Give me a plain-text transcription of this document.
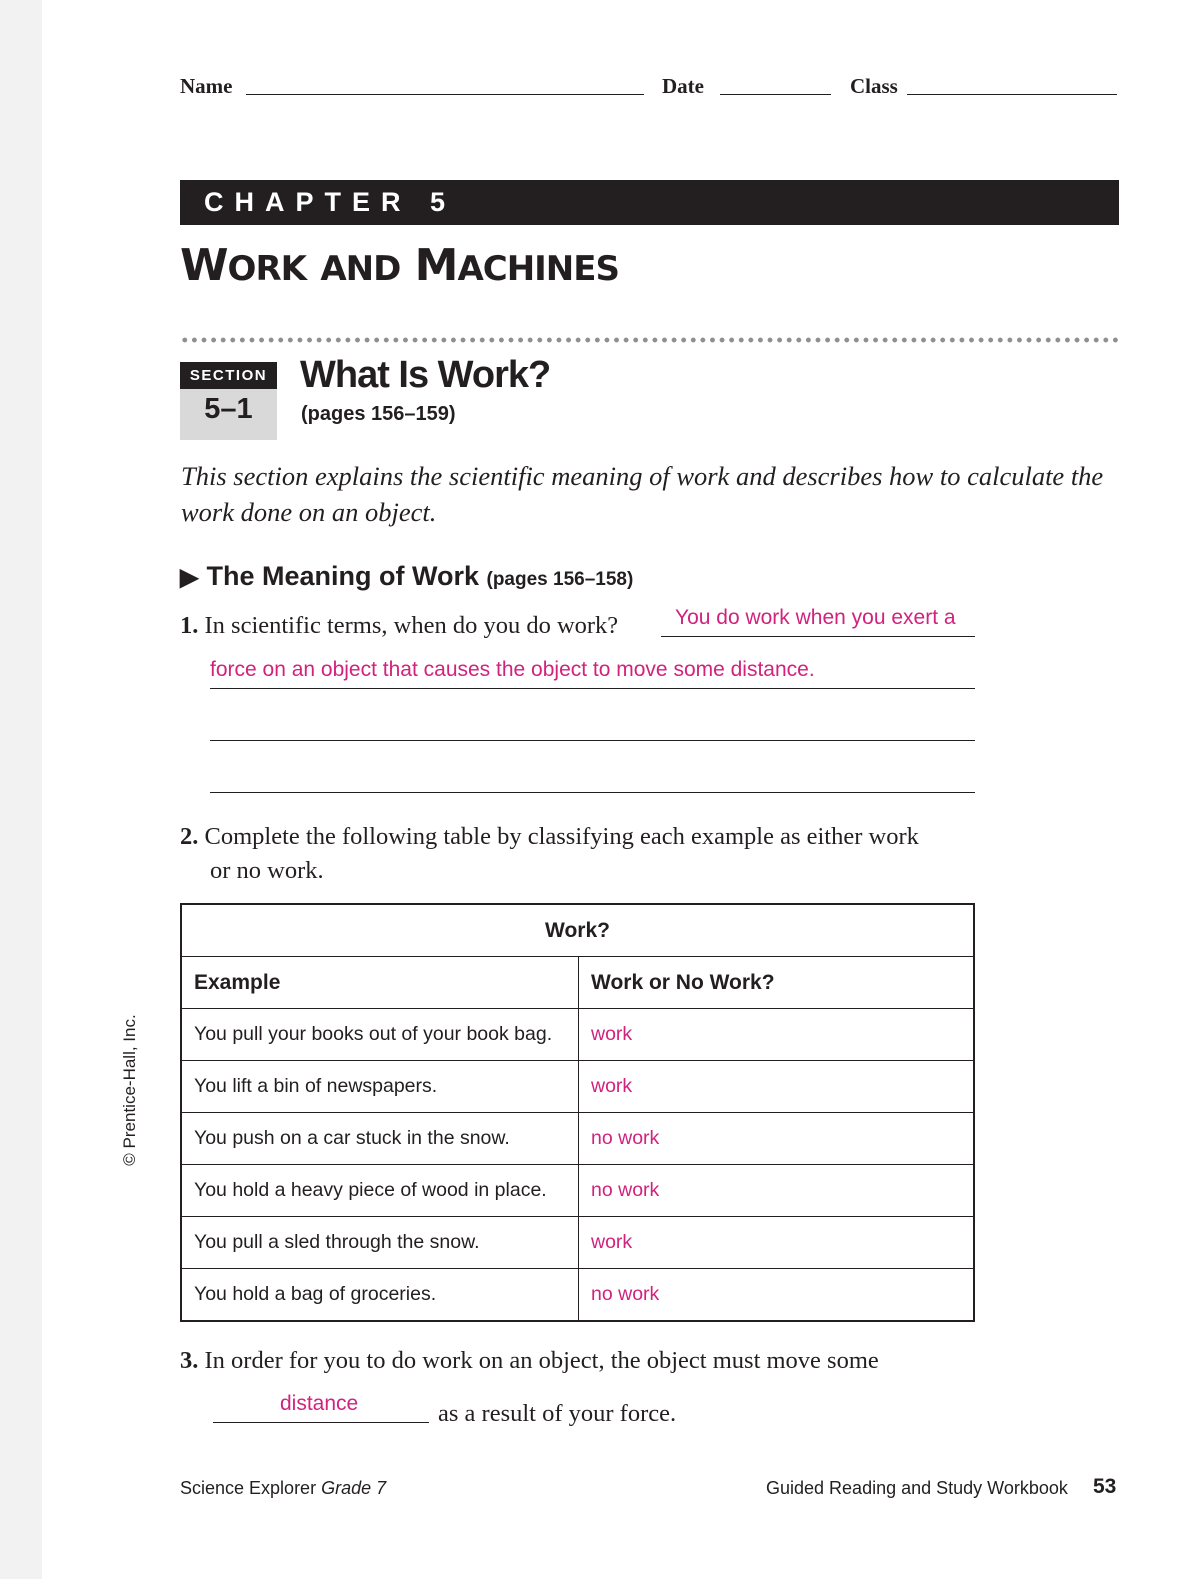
Name	Date	Class
CHAPTER 5
WORK AND MACHINES
SECTION
5–1
What Is Work?
(pages 156–159)
This section explains the scientific meaning of work and describes how to calculate the work done on an object.
▶ The Meaning of Work (pages 156–158)
1. In scientific terms, when do you do work?	You do work when you exert a
force on an object that causes the object to move some distance.
2. Complete the following table by classifying each example as either work
or no work.
Work?	
Example	Work or No Work?
You pull your books out of your book bag.	work
You lift a bin of newspapers.	work
You push on a car stuck in the snow.	no work
You hold a heavy piece of wood in place.	no work
You pull a sled through the snow.	work
You hold a bag of groceries.	no work
3. In order for you to do work on an object, the object must move some
distance	as a result of your force.
Science Explorer Grade 7	Guided Reading and Study Workbook 53
© Prentice-Hall, Inc.
